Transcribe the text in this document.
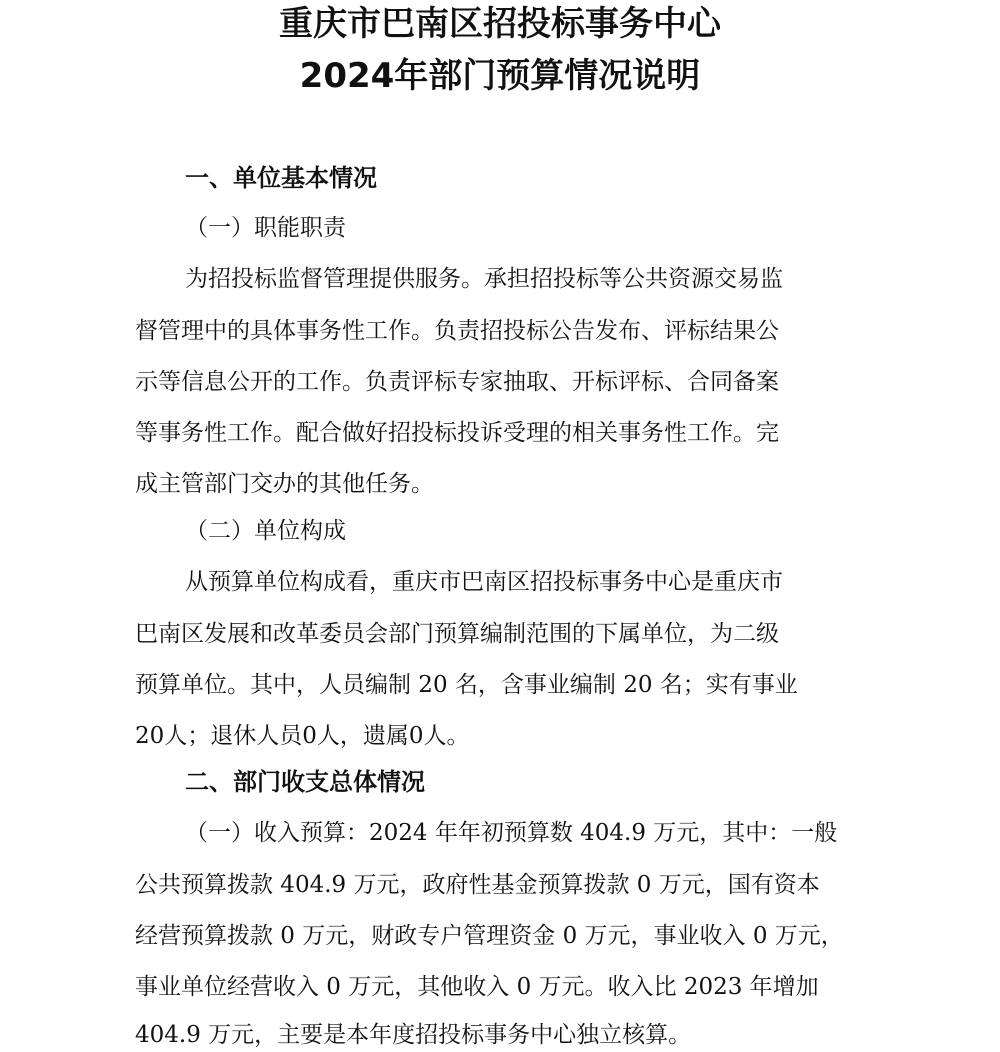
重庆市巴南区招投标事务中心
2024年部门预算情况说明
一、单位基本情况
（一）职能职责
为招投标监督管理提供服务。承担招投标等公共资源交易监
督管理中的具体事务性工作。负责招投标公告发布、评标结果公
示等信息公开的工作。负责评标专家抽取、开标评标、合同备案
等事务性工作。配合做好招投标投诉受理的相关事务性工作。完
成主管部门交办的其他任务。
（二）单位构成
从预算单位构成看，重庆市巴南区招投标事务中心是重庆市
巴南区发展和改革委员会部门预算编制范围的下属单位，为二级
预算单位。其中，人员编制 20 名，含事业编制 20 名；实有事业
20人；退休人员0人，遗属0人。
二、部门收支总体情况
（一）收入预算：2024 年年初预算数 404.9 万元，其中：一般
公共预算拨款 404.9 万元，政府性基金预算拨款 0 万元，国有资本
经营预算拨款 0 万元，财政专户管理资金 0 万元，事业收入 0 万元，
事业单位经营收入 0 万元，其他收入 0 万元。收入比 2023 年增加
404.9 万元，主要是本年度招投标事务中心独立核算。
